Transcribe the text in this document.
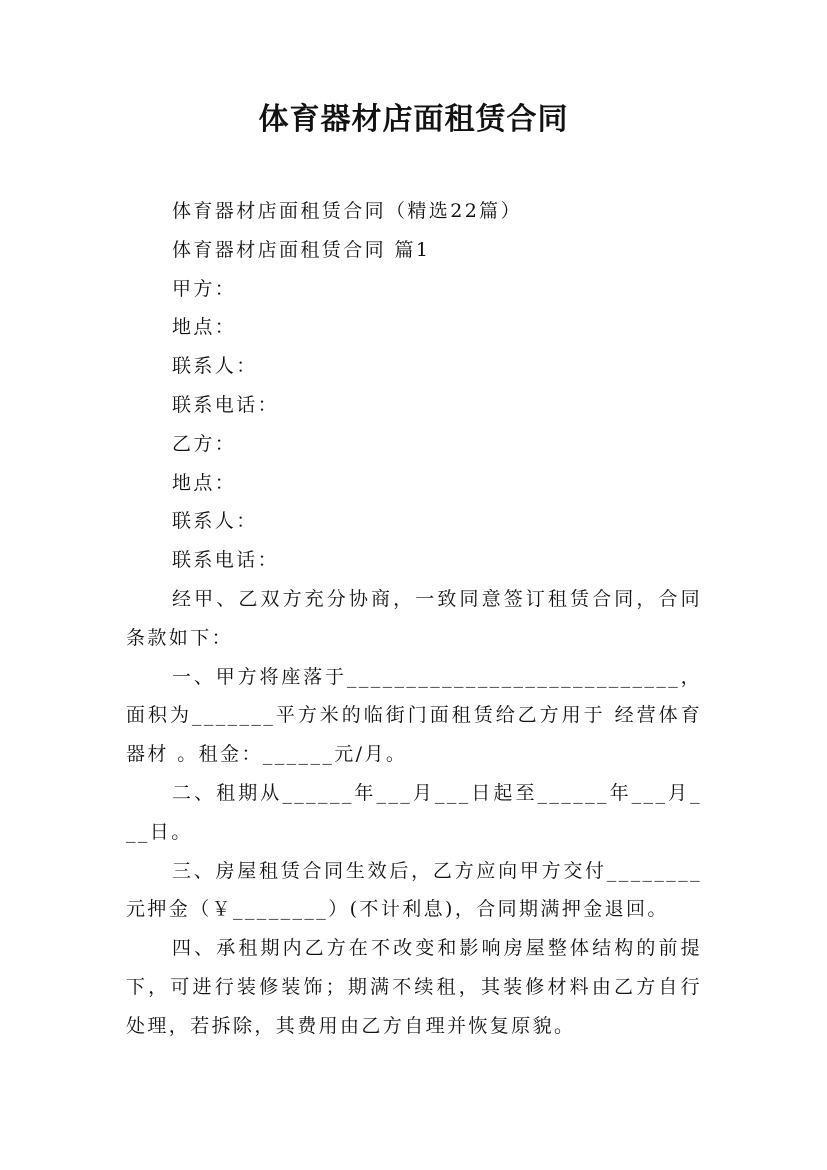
体育器材店面租赁合同

体育器材店面租赁合同（精选22篇）

体育器材店面租赁合同 篇1

甲方：

地点：

联系人：

联系电话：

乙方：

地点：

联系人：

联系电话：

经甲、乙双方充分协商，一致同意签订租赁合同，合同条款如下：

一、甲方将座落于____________________________，面积为_______平方米的临街门面租赁给乙方用于 经营体育器材 。租金：______元/月。

二、租期从______年___月___日起至______年___月___日。

三、房屋租赁合同生效后，乙方应向甲方交付________元押金（￥________）(不计利息)，合同期满押金退回。

四、承租期内乙方在不改变和影响房屋整体结构的前提下，可进行装修装饰；期满不续租，其装修材料由乙方自行处理，若拆除，其费用由乙方自理并恢复原貌。
